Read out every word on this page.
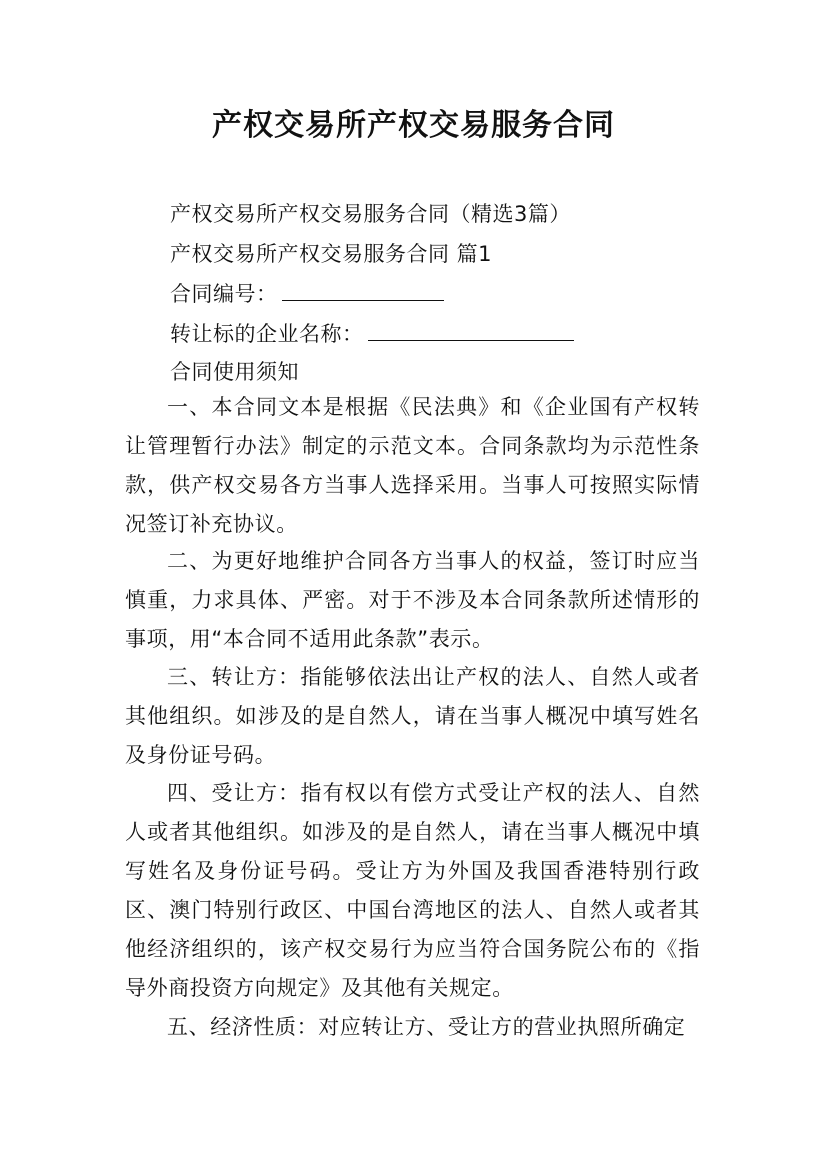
产权交易所产权交易服务合同
产权交易所产权交易服务合同（精选3篇）
产权交易所产权交易服务合同 篇1
合同编号：
转让标的企业名称：
合同使用须知

一、本合同文本是根据《民法典》和《企业国有产权转让管理暂行办法》制定的示范文本。合同条款均为示范性条款，供产权交易各方当事人选择采用。当事人可按照实际情况签订补充协议。

二、为更好地维护合同各方当事人的权益，签订时应当慎重，力求具体、严密。对于不涉及本合同条款所述情形的事项，用“本合同不适用此条款”表示。

三、转让方：指能够依法出让产权的法人、自然人或者其他组织。如涉及的是自然人，请在当事人概况中填写姓名及身份证号码。

四、受让方：指有权以有偿方式受让产权的法人、自然人或者其他组织。如涉及的是自然人，请在当事人概况中填写姓名及身份证号码。受让方为外国及我国香港特别行政区、澳门特别行政区、中国台湾地区的法人、自然人或者其他经济组织的，该产权交易行为应当符合国务院公布的《指导外商投资方向规定》及其他有关规定。

五、经济性质：对应转让方、受让方的营业执照所确定
